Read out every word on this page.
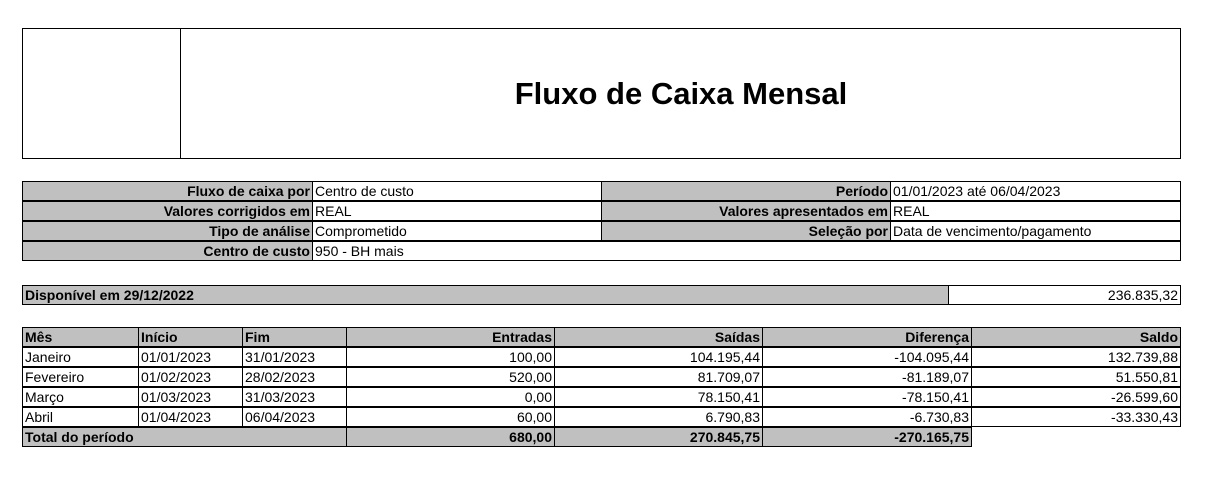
Fluxo de Caixa Mensal
Fluxo de caixa por Centro de custo	Período 01/01/2023 até 06/04/2023
Valores corrigidos em REAL	Valores apresentados em REAL
Tipo de análise Comprometido	Seleção por Data de vencimento/pagamento
Centro de custo 950 - BH mais
Disponível em 29/12/2022	236.835,32
Mês	Início	Fim	Entradas	Saídas	Diferença	Saldo
Janeiro	01/01/2023	31/01/2023	100,00	104.195,44	-104.095,44	132.739,88
Fevereiro	01/02/2023	28/02/2023	520,00	81.709,07	-81.189,07	51.550,81
Março	01/03/2023	31/03/2023	0,00	78.150,41	-78.150,41	-26.599,60
Abril	01/04/2023	06/04/2023	60,00	6.790,83	-6.730,83	-33.330,43
Total do período	680,00	270.845,75	-270.165,75
